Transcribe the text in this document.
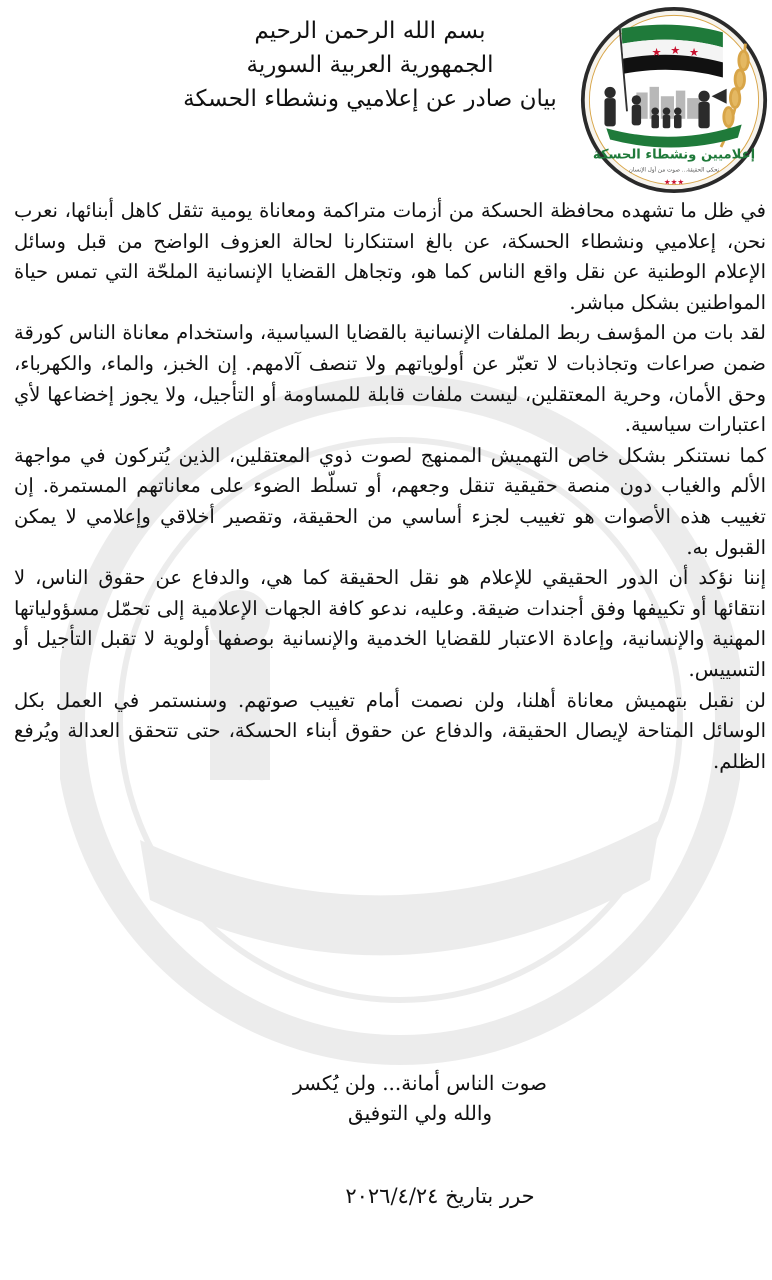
بسم الله الرحمن الرحيم
الجمهورية العربية السورية
بيان صادر عن إعلاميي ونشطاء الحسكة
★ ★ ★
إعلاميين ونشطاء الحسكة
نحكي الحقيقة... صوت من أول الإنسان
★★★
PRESS

في ظل ما تشهده محافظة الحسكة من أزمات متراكمة ومعاناة يومية تثقل كاهل أبنائها، نعرب نحن، إعلاميي ونشطاء الحسكة، عن بالغ استنكارنا لحالة العزوف الواضح من قبل وسائل الإعلام الوطنية عن نقل واقع الناس كما هو، وتجاهل القضايا الإنسانية الملحّة التي تمس حياة المواطنين بشكل مباشر.

لقد بات من المؤسف ربط الملفات الإنسانية بالقضايا السياسية، واستخدام معاناة الناس كورقة ضمن صراعات وتجاذبات لا تعبّر عن أولوياتهم ولا تنصف آلامهم. إن الخبز، والماء، والكهرباء، وحق الأمان، وحرية المعتقلين، ليست ملفات قابلة للمساومة أو التأجيل، ولا يجوز إخضاعها لأي اعتبارات سياسية.

كما نستنكر بشكل خاص التهميش الممنهج لصوت ذوي المعتقلين، الذين يُتركون في مواجهة الألم والغياب دون منصة حقيقية تنقل وجعهم، أو تسلّط الضوء على معاناتهم المستمرة. إن تغييب هذه الأصوات هو تغييب لجزء أساسي من الحقيقة، وتقصير أخلاقي وإعلامي لا يمكن القبول به.

إننا نؤكد أن الدور الحقيقي للإعلام هو نقل الحقيقة كما هي، والدفاع عن حقوق الناس، لا انتقائها أو تكييفها وفق أجندات ضيقة. وعليه، ندعو كافة الجهات الإعلامية إلى تحمّل مسؤولياتها المهنية والإنسانية، وإعادة الاعتبار للقضايا الخدمية والإنسانية بوصفها أولوية لا تقبل التأجيل أو التسييس.

لن نقبل بتهميش معاناة أهلنا، ولن نصمت أمام تغييب صوتهم. وسنستمر في العمل بكل الوسائل المتاحة لإيصال الحقيقة، والدفاع عن حقوق أبناء الحسكة، حتى تتحقق العدالة ويُرفع الظلم.

صوت الناس أمانة... ولن يُكسر
والله ولي التوفيق
حرر بتاريخ ٢٠٢٦/٤/٢٤
